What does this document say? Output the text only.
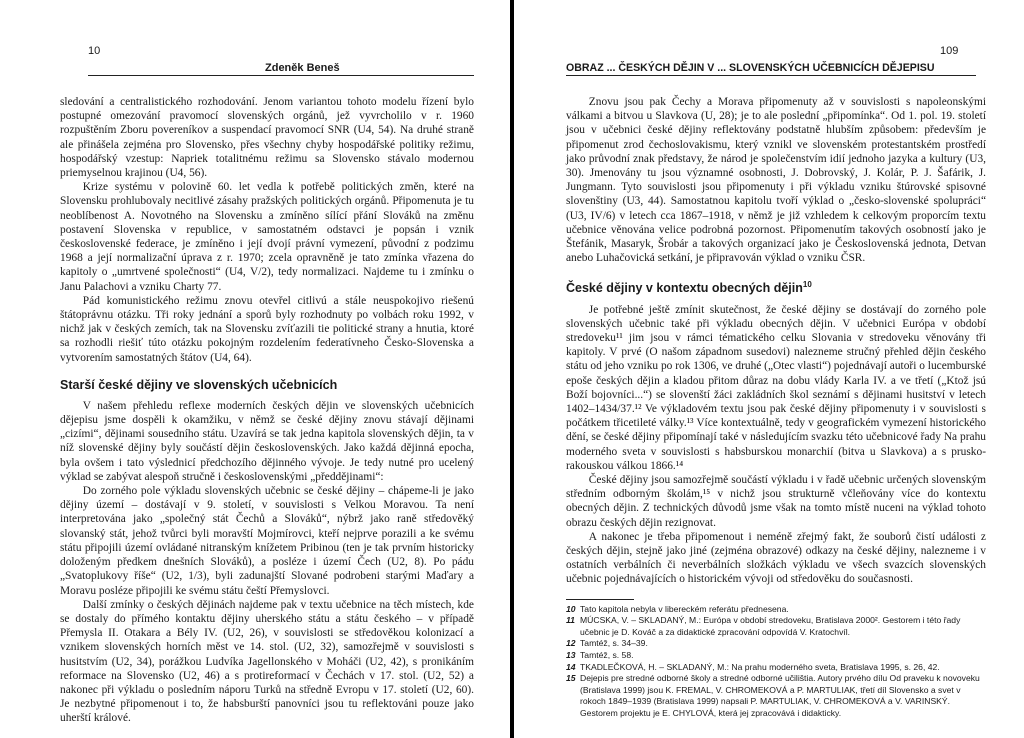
10
Zdeněk Beneš

sledování a centralistického rozhodování. Jenom variantou tohoto modelu řízení bylo postupné omezování pravomocí slovenských orgánů, jež vyvrcholilo v r. 1960 rozpuštěním Zboru povereníkov a suspendací pravomocí SNR (U4, 54). Na druhé straně ale přinášela zejména pro Slovensko, přes všechny chyby hospodářské politiky režimu, hospodářský vzestup: Napriek totalitnému režimu sa Slovensko stávalo modernou priemyselnou krajinou (U4, 56).

Krize systému v polovině 60. let vedla k potřebě politických změn, které na Slovensku prohlubovaly necitlivé zásahy pražských politických orgánů. Připomenuta je tu neoblíbenost A. Novotného na Slovensku a zmíněno sílící přání Slováků na změnu postavení Slovenska v republice, v samostatném odstavci je popsán i vznik československé federace, je zmíněno i její dvojí právní vymezení, původní z podzimu 1968 a její normalizační úprava z r. 1970; zcela opravněně je tato zmínka vřazena do kapitoly o „umrtvené společnosti“ (U4, V/2), tedy normalizaci. Najdeme tu i zmínku o Janu Palachovi a vzniku Charty 77.

Pád komunistického režimu znovu otevřel citlivú a stále neuspokojivo riešenú štátoprávnu otázku. Tři roky jednání a sporů byly rozhodnuty po volbách roku 1992, v nichž jak v českých zemích, tak na Slovensku zvíťazili tie politické strany a hnutia, ktoré sa rozhodli riešiť túto otázku pokojným rozdelením federatívneho Česko-Slovenska a vytvorením samostatných štátov (U4, 64).

Starší české dějiny ve slovenských učebnicích

V našem přehledu reflexe moderních českých dějin ve slovenských učebnicích dějepisu jsme dospěli k okamžiku, v němž se české dějiny znovu stávají dějinami „cizími“, dějinami sousedního státu. Uzavírá se tak jedna kapitola slovenských dějin, ta v níž slovenské dějiny byly součástí dějin československých. Jako každá dějinná epocha, byla ovšem i tato výslednicí předchozího dějinného vývoje. Je tedy nutné pro ucelený výklad se zabývat alespoň stručně i československými „předdějinami“:

Do zorného pole výkladu slovenských učebnic se české dějiny – chápeme-li je jako dějiny území – dostávají v 9. století, v souvislosti s Velkou Moravou. Ta není interpretována jako „společný stát Čechů a Slováků“, nýbrž jako raně středověký slovanský stát, jehož tvůrci byli moravští Mojmírovci, kteří nejprve porazili a ke svému státu připojili území ovládané nitranským knížetem Pribinou (ten je tak prvním historicky doloženým předkem dnešních Slováků), a posléze i území Čech (U2, 8). Po pádu „Svatoplukovy říše“ (U2, 1/3), byli zadunajští Slované podrobeni starými Maďary a Moravu posléze připojili ke svému státu čeští Přemyslovci.

Další zmínky o českých dějinách najdeme pak v textu učebnice na těch místech, kde se dostaly do přímého kontaktu dějiny uherského státu a státu českého – v případě Přemysla II. Otakara a Bély IV. (U2, 26), v souvislosti se středověkou kolonizací a vznikem slovenských horních měst ve 14. stol. (U2, 32), samozřejmě v souvislosti s husitstvím (U2, 34), porážkou Ludvíka Jagellonského v Moháči (U2, 42), s pronikáním reformace na Slovensko (U2, 46) a s protireformací v Čechách v 17. stol. (U2, 52) a nakonec při výkladu o posledním náporu Turků na středně Evropu v 17. století (U2, 60). Je nezbytné připomenout i to, že habsburští panovníci jsou tu reflektováni pouze jako uherští králové.

109
OBRAZ ... ČESKÝCH DĚJIN V ... SLOVENSKÝCH UČEBNICÍCH DĚJEPISU

Znovu jsou pak Čechy a Morava připomenuty až v souvislosti s napoleonskými válkami a bitvou u Slavkova (U, 28); je to ale poslední „připomínka“. Od 1. pol. 19. století jsou v učebnici české dějiny reflektovány podstatně hlubším způsobem: především je připomenut zrod čechoslovakismu, který vznikl ve slovenském protestantském prostředí jako průvodní znak představy, že národ je společenstvím idií jednoho jazyka a kultury (U3, 30). Jmenovány tu jsou významné osobnosti, J. Dobrovský, J. Kolár, P. J. Šafárik, J. Jungmann. Tyto souvislosti jsou připomenuty i při výkladu vzniku štúrovské spisovné slovenštiny (U3, 44). Samostatnou kapitolu tvoří výklad o „česko-slovenské spolupráci“ (U3, IV/6) v letech cca 1867–1918, v němž je již vzhledem k celkovým proporcím textu učebnice věnována velice podrobná pozornost. Připomenutím takových osobností jako je Štefánik, Masaryk, Šrobár a takových organizací jako je Československá jednota, Detvan anebo Luhačovická setkání, je připravován výklad o vzniku ČSR.

České dějiny v kontextu obecných dějin$^{10}$

Je potřebné ještě zmínit skutečnost, že české dějiny se dostávají do zorného pole slovenských učebnic také při výkladu obecných dějin. V učebnici Európa v období stredoveku¹¹ jim jsou v rámci tématického celku Slovania v stredoveku věnovány tři kapitoly. V prvé (O našom západnom susedovi) nalezneme stručný přehled dějin českého státu od jeho vzniku po rok 1306, ve druhé („Otec vlasti“) pojednávají autoři o lucemburské epoše českých dějin a kladou přitom důraz na dobu vlády Karla IV. a ve třetí („Ktož jsú Boží bojovníci...“) se slovenští žáci zakládních škol seznámí s dějinami husitství v letech 1402–1434/37.¹² Ve výkladovém textu jsou pak české dějiny připomenuty i v souvislosti s počátkem třicetileté války.¹³ Více kontextuálně, tedy v geografickém vymezení historického dění, se české dějiny připomínají také v následujícím svazku této učebnicové řady Na prahu moderného sveta v souvislosti s habsburskou monarchií (bitva u Slavkova) a s prusko-rakouskou válkou 1866.¹⁴

České dějiny jsou samozřejmě součástí výkladu i v řadě učebnic určených slovenským středním odborným školám,¹⁵ v nichž jsou strukturně včleňovány více do kontextu obecných dějin. Z technických důvodů jsme však na tomto místě nuceni na výklad tohoto obrazu českých dějin rezignovat.

A nakonec je třeba připomenout i neméně zřejmý fakt, že souborů čistí události z českých dějin, stejně jako jiné (zejména obrazové) odkazy na české dějiny, nalezneme i v ostatních verbálních či neverbálních složkách výkladu ve všech svazcích slovenských učebnic pojednávajících o historickém vývoji od středověku do současnosti.

10 Tato kapitola nebyla v libereckém referátu přednesena.
11 MÚCSKA, V. – SKLADANÝ, M.: Európa v období stredoveku, Bratislava 2000². Gestorem i této řady učebnic je D. Kováč a za didaktické zpracování odpovídá V. Kratochvíl.
12 Tamtéž, s. 34–39.
13 Tamtéž, s. 58.
14 TKADLEČKOVÁ, H. – SKLADANÝ, M.: Na prahu moderného sveta, Bratislava 1995, s. 26, 42.
15 Dejepis pre stredné odborné školy a stredné odborné učilištia. Autory prvého dílu Od praveku k novoveku (Bratislava 1999) jsou K. FREMAL, V. CHROMEKOVÁ a P. MARTULIAK, třetí díl Slovensko a svet v rokoch 1849–1939 (Bratislava 1999) napsali P. MARTULIAK, V. CHROMEKOVÁ a V. VARINSKÝ. Gestorem projektu je E. CHYLOVÁ, která jej zpracovává i didakticky.
